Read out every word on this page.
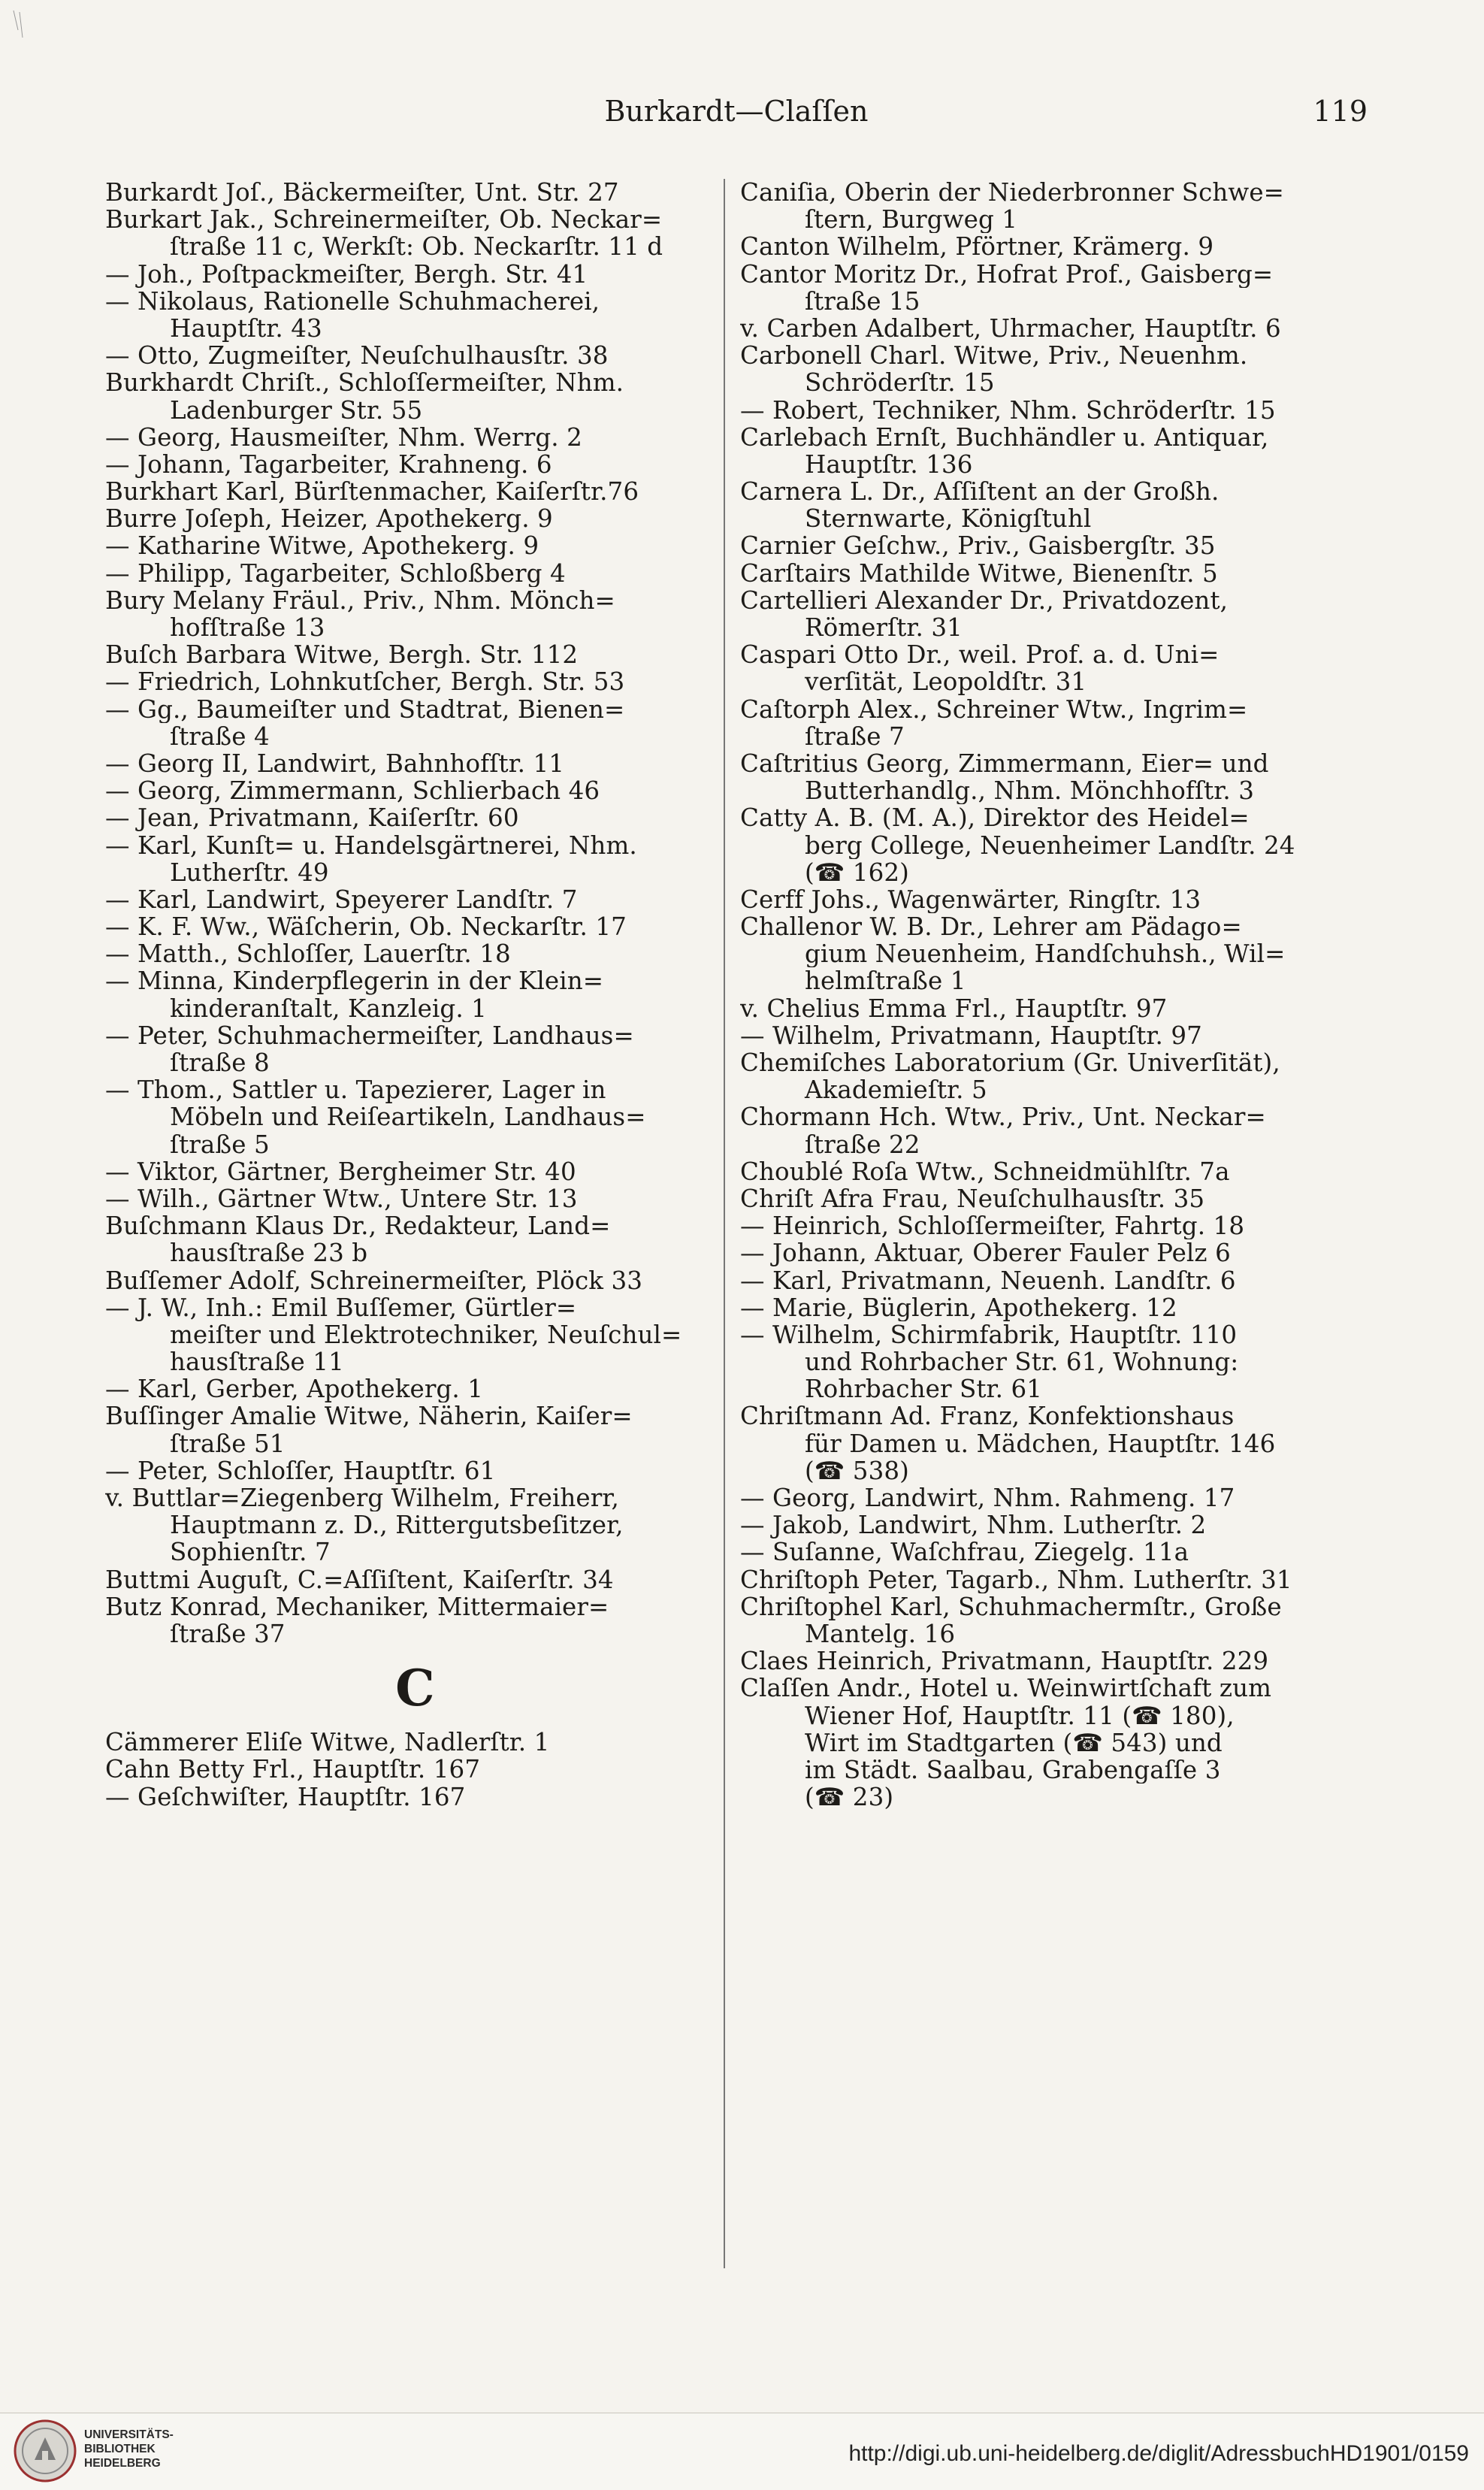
Burkardt—Claſſen	119
Burkardt Joſ., Bäckermeiſter, Unt. Str. 27
Burkart Jak., Schreinermeiſter, Ob. Neckar=
ſtraße 11 c, Werkſt: Ob. Neckarſtr. 11 d
— Joh., Poſtpackmeiſter, Bergh. Str. 41
— Nikolaus, Rationelle Schuhmacherei,
Hauptſtr. 43
— Otto, Zugmeiſter, Neuſchulhausſtr. 38
Burkhardt Chriſt., Schloſſermeiſter, Nhm.
Ladenburger Str. 55
— Georg, Hausmeiſter, Nhm. Werrg. 2
— Johann, Tagarbeiter, Krahneng. 6
Burkhart Karl, Bürſtenmacher, Kaiſerſtr.76
Burre Joſeph, Heizer, Apothekerg. 9
— Katharine Witwe, Apothekerg. 9
— Philipp, Tagarbeiter, Schloßberg 4
Bury Melany Fräul., Priv., Nhm. Mönch=
hofſtraße 13
Buſch Barbara Witwe, Bergh. Str. 112
— Friedrich, Lohnkutſcher, Bergh. Str. 53
— Gg., Baumeiſter und Stadtrat, Bienen=
ſtraße 4
— Georg II, Landwirt, Bahnhofſtr. 11
— Georg, Zimmermann, Schlierbach 46
— Jean, Privatmann, Kaiſerſtr. 60
— Karl, Kunſt= u. Handelsgärtnerei, Nhm.
Lutherſtr. 49
— Karl, Landwirt, Speyerer Landſtr. 7
— K. F. Ww., Wäſcherin, Ob. Neckarſtr. 17
— Matth., Schloſſer, Lauerſtr. 18
— Minna, Kinderpflegerin in der Klein=
kinderanſtalt, Kanzleig. 1
— Peter, Schuhmachermeiſter, Landhaus=
ſtraße 8
— Thom., Sattler u. Tapezierer, Lager in
Möbeln und Reiſeartikeln, Landhaus=
ſtraße 5
— Viktor, Gärtner, Bergheimer Str. 40
— Wilh., Gärtner Wtw., Untere Str. 13
Buſchmann Klaus Dr., Redakteur, Land=
hausſtraße 23 b
Buſſemer Adolf, Schreinermeiſter, Plöck 33
— J. W., Inh.: Emil Buſſemer, Gürtler=
meiſter und Elektrotechniker, Neuſchul=
hausſtraße 11
— Karl, Gerber, Apothekerg. 1
Buſſinger Amalie Witwe, Näherin, Kaiſer=
ſtraße 51
— Peter, Schloſſer, Hauptſtr. 61
v. Buttlar=Ziegenberg Wilhelm, Freiherr,
Hauptmann z. D., Rittergutsbeſitzer,
Sophienſtr. 7
Buttmi Auguſt, C.=Aſſiſtent, Kaiſerſtr. 34
Butz Konrad, Mechaniker, Mittermaier=
ſtraße 37
C
Cämmerer Eliſe Witwe, Nadlerſtr. 1
Cahn Betty Frl., Hauptſtr. 167
— Geſchwiſter, Hauptſtr. 167
Caniſia, Oberin der Niederbronner Schwe=
ſtern, Burgweg 1
Canton Wilhelm, Pförtner, Krämerg. 9
Cantor Moritz Dr., Hofrat Prof., Gaisberg=
ſtraße 15
v. Carben Adalbert, Uhrmacher, Hauptſtr. 6
Carbonell Charl. Witwe, Priv., Neuenhm.
Schröderſtr. 15
— Robert, Techniker, Nhm. Schröderſtr. 15
Carlebach Ernſt, Buchhändler u. Antiquar,
Hauptſtr. 136
Carnera L. Dr., Aſſiſtent an der Großh.
Sternwarte, Königſtuhl
Carnier Geſchw., Priv., Gaisbergſtr. 35
Carſtairs Mathilde Witwe, Bienenſtr. 5
Cartellieri Alexander Dr., Privatdozent,
Römerſtr. 31
Caspari Otto Dr., weil. Prof. a. d. Uni=
verſität, Leopoldſtr. 31
Caſtorph Alex., Schreiner Wtw., Ingrim=
ſtraße 7
Caſtritius Georg, Zimmermann, Eier= und
Butterhandlg., Nhm. Mönchhofſtr. 3
Catty A. B. (M. A.), Direktor des Heidel=
berg College, Neuenheimer Landſtr. 24
(☎ 162)
Cerff Johs., Wagenwärter, Ringſtr. 13
Challenor W. B. Dr., Lehrer am Pädago=
gium Neuenheim, Handſchuhsh., Wil=
helmſtraße 1
v. Chelius Emma Frl., Hauptſtr. 97
— Wilhelm, Privatmann, Hauptſtr. 97
Chemiſches Laboratorium (Gr. Univerſität),
Akademieſtr. 5
Chormann Hch. Wtw., Priv., Unt. Neckar=
ſtraße 22
Choublé Roſa Wtw., Schneidmühlſtr. 7a
Chriſt Afra Frau, Neuſchulhausſtr. 35
— Heinrich, Schloſſermeiſter, Fahrtg. 18
— Johann, Aktuar, Oberer Fauler Pelz 6
— Karl, Privatmann, Neuenh. Landſtr. 6
— Marie, Büglerin, Apothekerg. 12
— Wilhelm, Schirmfabrik, Hauptſtr. 110
und Rohrbacher Str. 61, Wohnung:
Rohrbacher Str. 61
Chriſtmann Ad. Franz, Konfektionshaus
für Damen u. Mädchen, Hauptſtr. 146
(☎ 538)
— Georg, Landwirt, Nhm. Rahmeng. 17
— Jakob, Landwirt, Nhm. Lutherſtr. 2
— Suſanne, Waſchfrau, Ziegelg. 11a
Chriſtoph Peter, Tagarb., Nhm. Lutherſtr. 31
Chriſtophel Karl, Schuhmachermſtr., Große
Mantelg. 16
Claes Heinrich, Privatmann, Hauptſtr. 229
Claſſen Andr., Hotel u. Weinwirtſchaft zum
Wiener Hof, Hauptſtr. 11 (☎ 180),
Wirt im Stadtgarten (☎ 543) und
im Städt. Saalbau, Grabengaſſe 3
(☎ 23)
UNIVERSITÄTS-
BIBLIOTHEK
HEIDELBERG	http://digi.ub.uni-heidelberg.de/diglit/AdressbuchHD1901/0159
